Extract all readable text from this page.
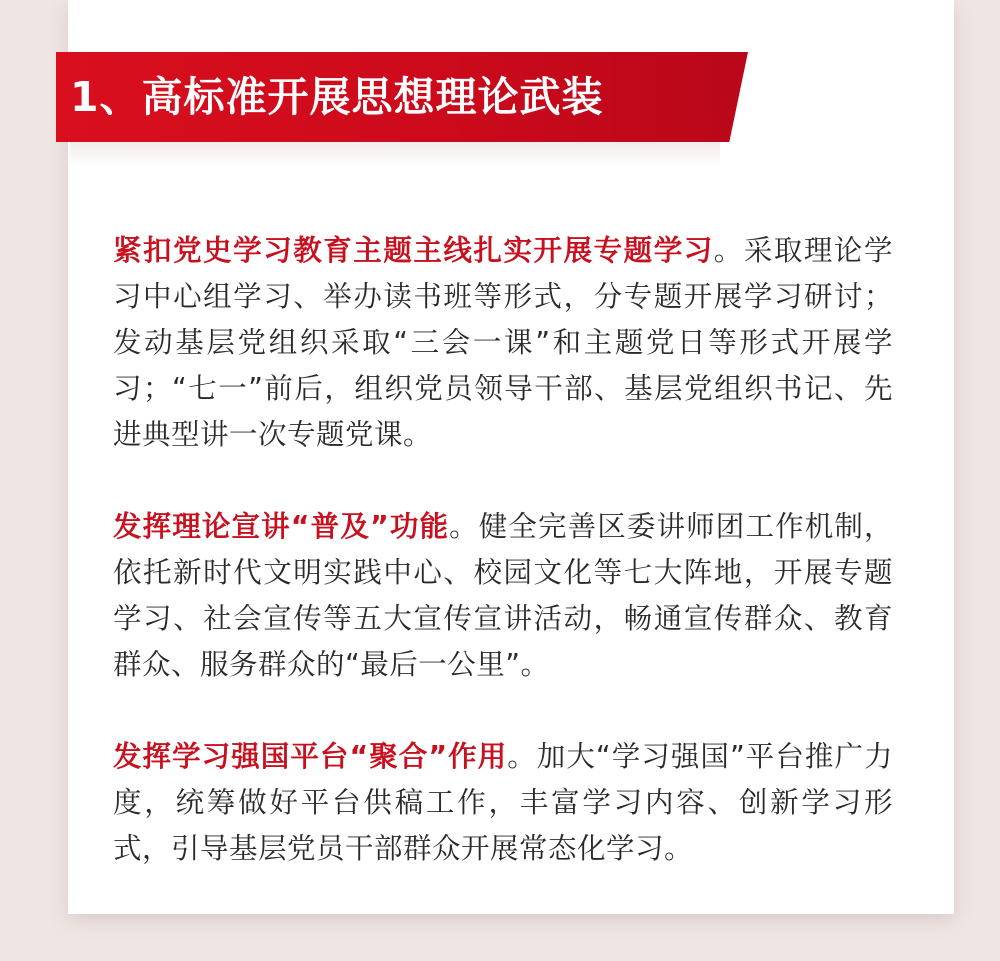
1、高标准开展思想理论武装

紧扣党史学习教育主题主线扎实开展专题学习。采取理论学习中心组学习、举办读书班等形式，分专题开展学习研讨；发动基层党组织采取“三会一课”和主题党日等形式开展学习；“七一”前后，组织党员领导干部、基层党组织书记、先进典型讲一次专题党课。

发挥理论宣讲“普及”功能。健全完善区委讲师团工作机制，依托新时代文明实践中心、校园文化等七大阵地，开展专题学习、社会宣传等五大宣传宣讲活动，畅通宣传群众、教育群众、服务群众的“最后一公里”。

发挥学习强国平台“聚合”作用。加大“学习强国”平台推广力度，统筹做好平台供稿工作，丰富学习内容、创新学习形式，引导基层党员干部群众开展常态化学习。
